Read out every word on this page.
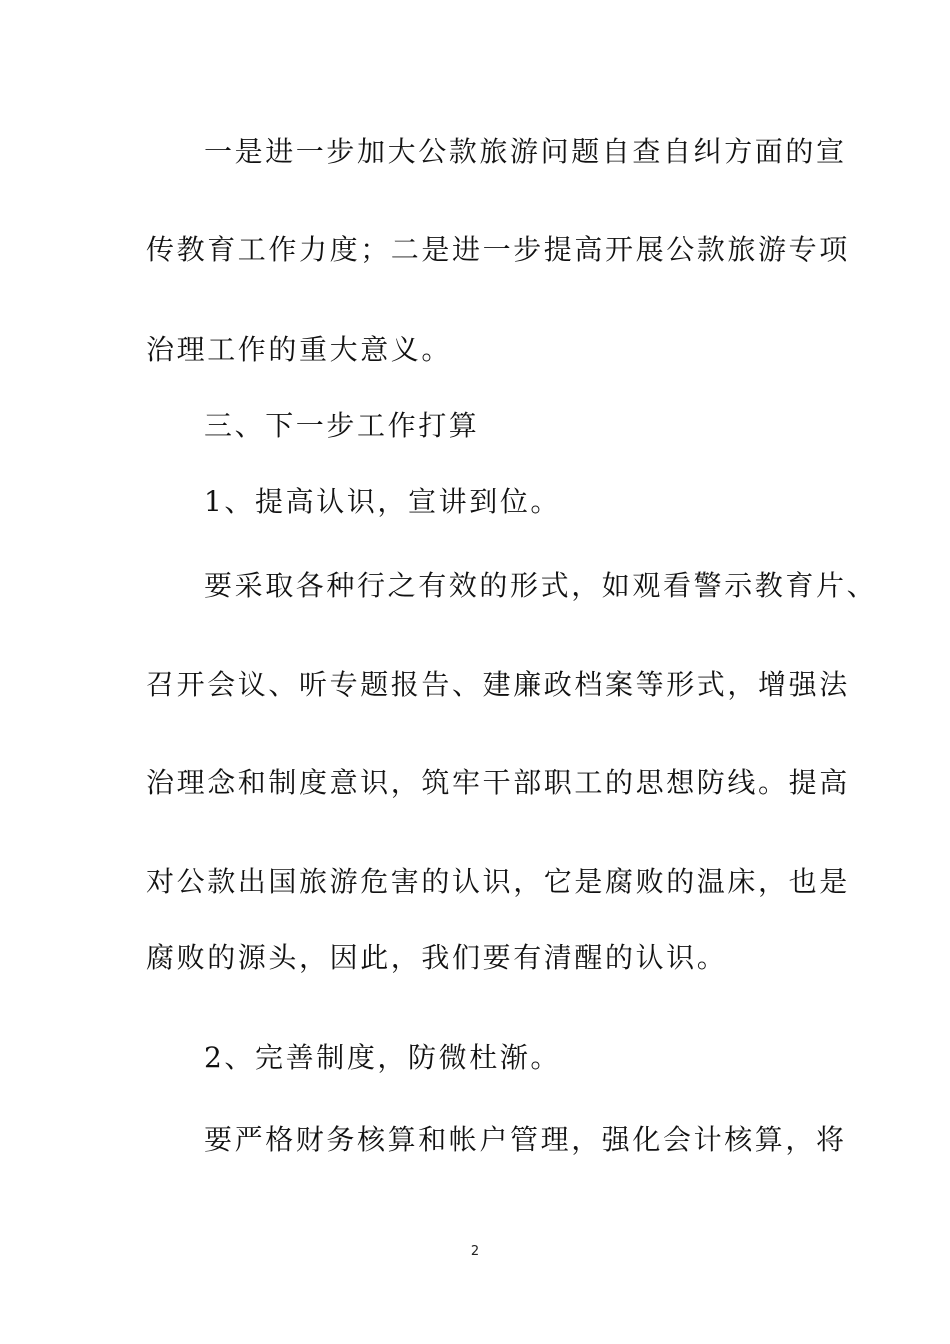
一是进一步加大公款旅游问题自查自纠方面的宣
传教育工作力度；二是进一步提高开展公款旅游专项
治理工作的重大意义。
三、下一步工作打算
1、提高认识，宣讲到位。
要采取各种行之有效的形式，如观看警示教育片、
召开会议、听专题报告、建廉政档案等形式，增强法
治理念和制度意识，筑牢干部职工的思想防线。提高
对公款出国旅游危害的认识，它是腐败的温床，也是
腐败的源头，因此，我们要有清醒的认识。
2、完善制度，防微杜渐。
要严格财务核算和帐户管理，强化会计核算，将
2
